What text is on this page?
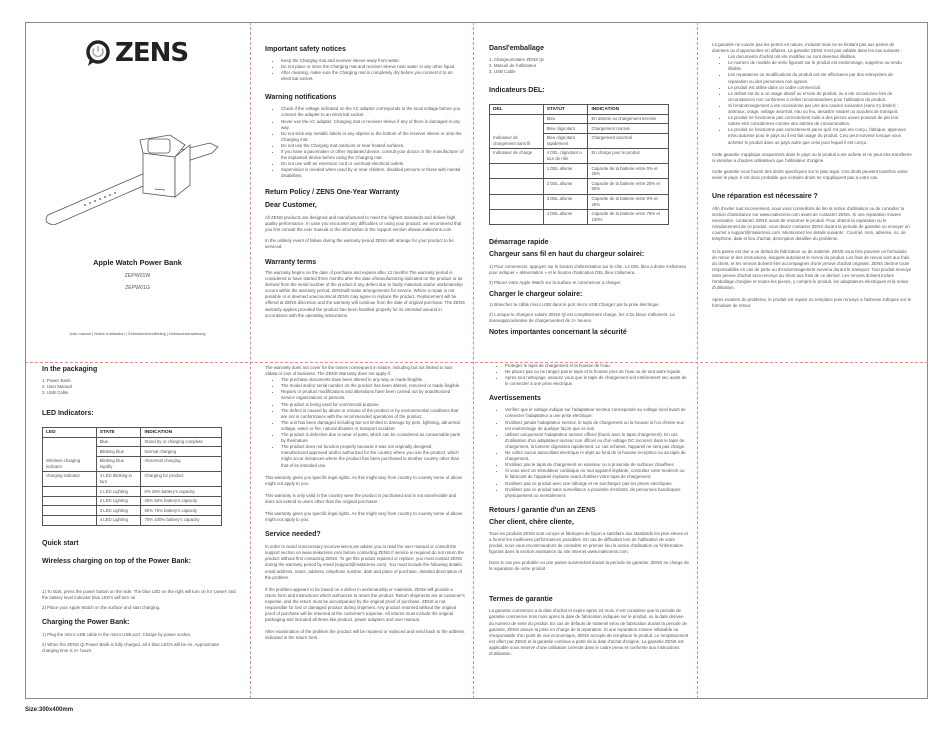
ZENS
Apple Watch Power Bank
ZEPW01W
ZEPW01G
User manual | Notice d'utilisation | Gebruikershandleiding | Gebrauchsanweisung
Important safety notices
• Keep the Charging mat and receiver sleeve away from water.
• Do not place or store the Charging mat and receiver sleeve near water or any other liquid.
• After cleaning, make sure the Charging mat is completely dry before you connect it to an electrical socket.
Warning notifications
• Check if the voltage indicated on the AC adapter corresponds to the local voltage before you connect the adapter to an electrical socket.
• Never use the AC adapter, Charging mat or receiver sleeve if any of them is damaged in any way.
• Do not stick any metallic labels or any objects to the bottom of the receiver sleeve or onto the Charging mat.
• Do not use the Charging mat outdoors or near heated surfaces.
• If you have a pacemaker or other implanted device, consult your doctor or the manufacturer of the implanted device before using the Charging mat.
• Do not use with an extension cord or overload electrical outlets.
• Supervision is needed when used by or near children, disabled persons or those with mental disabilities.
Return Policy / ZENS One-Year Warranty
Dear Customer,

All ZENS products are designed and manufactured to meet the highest standards and deliver high quality performance. In case you encounter any difficulties or using your product, we recommend that you first consult the user manual or the information in the support section ofwww.makezens.com

In the unlikely event of failure during the warranty period ZENS will arrange for your product to be serviced.

Warranty terms

The warranty begins on the date of purchase and expires after 12 months.The warranty period is considered to have started three months after the date ofmanufacturing indicated on the product or as derived from the serial number of the product.If any defect due to faulty materials and/or workmanship occurs within the warranty period, ZENSwill make arrangements for service. Where a repair is not possible or is deemed uneconomical ZENS may agree to replace the product. Replacement will be offered at ZENS discretion and the warranty will continue from the date of original purchase. The ZENS warranty applies provided the product has been handled properly for its intended useand in accordance with the operating instructions.

Dansl'emballage
1. Chargeursolaire ZENS Qi
2. Manuel de l'utilisateur
3. USB Cable
Indicateurs DEL:
DEL	STATUT	INDICATION
Indicateur de chargement sans fil	Bleu	En attente ou chargement termine
	Bleu clignotant	Chargement normal
	Bleu clignotant rapidement	Chargement anormal
Indicateur de charge	4 DEL clignotant a tour de rôle	En charge pour le produit
	1 DEL allume	Capacite de la batterie entre 0% et 25%
	2 DEL allume	Capacite de la batterie entre 25% et 50%
	3 DEL allume	Capacite de la batterie entre 0% et 25%
	4 DEL allume	Capacite de la batterie entre 75% et 100%
Démarrage rapide
Chargeur sans fil en haut du chargeur solairei:

1) Pour commencer, appuyez sur le bouton d'alimentation sur le côte. Le DEL bleu a droite s'allumera pour indiquer « alimentation » et le bouton d'indication DEL bleu s'allumera.

2) Placez votre Apple Watch sur la surface et commencer a charger.

Charger le chargeur solaire:

1) Branchez le câble micro USB dans le port micro USB.Chargez par la prise électrique.

2) Lorsque le chargeur solaire ZENS Qi est complètement charge, les 4 DL bleus s'allument. La dureeapproximative de chargementest de 2+ heures.

Notes importantes concernant la sécurité

La garantie ne couvre pas les pertes en nature, incluant mais ne se limitant pas aux pertes de donnees ou d'opportunites en affaires. La garantie ZENS n'est pas valable dans les cas suivants :

• Les documents d'achat ont ete modifies ou sont devenus illisibles.
• Le numero de modele de serie figurant sur le produit est endommage, supprime ou rendu illisible.
• Les reparations ou modifications du produit ont ete effectuees par des entreprises de reparation ou des personnes non agrees.
• Le produit est utilise dans un cadre commercial.
• Le defaut est du a un usage abusif ou errone du produit, ou a ete occasionne lors de circonstances non conformes a celles recommandees pour l'utilisation du produit.
• Si l'endommagement a ete occasionne par une des causes suivantes (sans s'y limiter) : animaux, orage, voltage anormal, eau ou feu, desastre naturel ou accident de transport.
• Le produit ne fonctionne pas correctement suite a des pieces usees pouvant de par leur nature etre considerees comme des articles de consommation.
• Le produit ne fonctionne pas correctement parce qu'il n'a pas ete conçu, fabrique, approuve et/ou autorise pour le pays ou il est fait usage du produit. Ceci peut survenir lorsque vous achetez le produit dans un pays autre que celui pour lequel il est conçu.

Cette garantie s'applique uniquement dans le pays ou le produit a ete achete et ne peut etre transferee ni etendue a d'autres utilisateurs que l'utilisateur d'origine.

Cette garantie vous fournit des droits specifiques sur le plan legal. Ces droits peuvent toutefois varier selon le pays. Il est donc probable que certains droits ne s'appliquent pas a votre cas.

Une réparation est nécessaire ?

Afin d'eviter tout inconvenient, nous vous conseillons de lire la notice d'utilisation ou de consulter la section d'assistance sur www.makezens.com avant de contacter ZENS. Si une reparation s'avere necessaire, contactez ZENS avant de retourner le produit. Pour obtenir la reparation ou le remplacement de ce produit, vous devez contacter ZENS durant la periode de garantie ou envoyer un courriel a support@makezens.com. Mentionnez les details suivants : Courriel, nom, adresse, no. de telephone, date et lieu d'achat, description detaillee du probleme.

Si la panne est due a un defaut de fabrication ou de materiel, ZENS vous fera parvenir un formulaire de retour et des instructions, lesquels autorisent le renvoi du produit. Les frais de renvoi sont aux frais du client, et les renvois doivent être accompagnes d'une preuve d'achat originale. ZENS decline toute responsabilite en cas de perte ou d'endommagement survenu durant le transport. Tout produit renvoye sans preuve d'achat sera renvoye au client aux frais de ce dernier. Les renvois doivent inclure l'emballage d'origine et toutes les pieces, y compris le produit, les adaptateurs electriques et la notice d'utilisation.

Apres examen du probleme, le produit est repare ou remplace puis renvoye a l'adresse indiquee sur le formulaire de retour.

In the packaging
1. Power Bank
2. User Manual
3. USB Cable
LED Indicators:
LED	STATE	INDICATION
Wireless charging indicator	Blue	Stand by or charging complete
	Blinking blue	Normal charging
	Blinking blue rapidly	Abnormal charging
charging indicator	4 LED blinking in turn	Charging for product
	1 LED Lighting	0% 25% battery's capacity
	2 LED Lighting	25% 50% battery's capacity
	3 LED Lighting	50% 75% battery's capacity
	4 LED Lighting	75% 100% battery's capacity
Quick start
Wireless charging on top of the Power Bank:

1) To start, press the power button on the side. The blue LED on the right will turn on for 'power' and the battery level indicator blue LED's will turn on

2) Place your Apple Watch on the surface and start charging.

Charging the Power Bank:

1) Plug the micro USB cable in the micro USB port. Charge by power socket.

2) When the ZENS Qi Power Bank is fully charged, all 4 blue LED's will be on. Approximate charging time is 2+ hours.

The warranty does not cover for the losses consequent in nature, including but not limited to loss ofdata or loss of business. The ZENS Warranty does not apply if:

• The purchase documents have been altered in any way or made illegible.
• The model and/or serial number on the product has been altered, removed or made illegible.
• Repairs or product modifications and alterations have been carried out by unauthorized service organizations or persons.
• The product is being used for commercial purpose.
• The defect is caused by abuse or misuse of the product or by environmental conditions that are not in conformance with the recommended operations of the product.
• The unit has been damaged including but not limited to damage by pets, lightning, abnormal voltage, water or fire, natural disaster or transport accident.
• The product is defective due to wear of parts, which can be considered as consumable parts by theirnature
• The product does not function properly because it was not originally designed, manufactured,approved and/or authorized for the country where you use the product, which might occur iinstances where the product has been purchased in another country other than that of its intended use.

This warranty gives you specific legal rights. As this might vary from country to country some of above might not apply to you.

This warranty is only valid in the country were the product is purchased and is not transferable and does not extend to users other than the original purchaser.

This warranty gives you specific legal rights. As this might vary from country to country some of above might not apply to you.

Service needed?

In order to avoid unnecessary inconvenience,we advise you to read the user manual or consult the support section on www.makezens.com before contacting ZENS.If service is required do not return the product without first contacting ZENS. To get this product repaired or replace, you must contact ZENS during the warranty period by email (support@makezens.com). You must include the following details: email address, name, address, telephone number, date and place of purchase, detailed description of the problem.

If the problem appears to be based on a defect in workmanship or materials, ZENS will provide a return form and instructions which authorizes to return the product. Return shipments are at customer's expense, and the return must be accompanied by the original proof of purchase. ZENS is not responsible for lost or damaged product during shipment. Any product returned without the original proof of purchase will be returned at the customer's expense. All returns must include the original packaging and included all items like product, power adapters and user manual.

After examination of the problem the product will be repaired or replaced and send back to the address indicated in the return form.

• Protegez le tapis de chargement et la housse de l'eau.
• Ne placez pas ou ne rangez pas le tapis et la housse pres de l'eau ou de tout autre liquide.
• Apres tout nettoyage, assurez vous que le tapis de chargement soit entièrement sec avant de le connecter a une prise electrique.
Avertissements
• Verifiez que le voltage indique sur l'adaptateur secteur corresponde au voltage local avant de connecter l'adaptateur a une prise electrique.
• N'utilisez jamais l'adaptateur secteur, le tapis de chargement ou la housse si l'un d'entre eux est endommage de quelque façon que ce soit.
• Utilisez uniquement l'adaptateur secteur officiel (fourni avec le tapis chargement). En cas d'utilisation d'un adaptateur secteur non officiel ou d'un voltage DC incorrect dans le tapis de chargement, la lumiere clignotera rapidement. Le cas echeant, l'appareil ne sera pas charge.
• Ne collez aucun autocollant electrique ni objet au fond de la housse receptrice ou au tapis de chargement.
• N'utilisez pas le tapis de chargement en exterieur ou a proximite de surfaces chauffees.
• Si vous avez un stimulateur cardiaque ou tout appareil implante, consultez votre medecin ou le fabricant de l'appareil implante avant d'utiliser votre tapis de chargement.
• N'utilisez pas ce produit avec une rallonge et ne surchargez pas les prises electriques.
• N'utilisez pas ce produit sans surveillance a proximite d'enfants, de personnes handicapes physiquement ou mentalement.
Retours / garantie d'un an ZENS
Cher client, chère cliente,

Tous les produits ZENS sont conçus et fabriques de façon a satisfaire aux standards les plus eleves et a fournir les meilleures performances possibles. En cas de difficultes lors de l'utilisation de votre produit, nous vous recommandons de consulter en premier lieu la notice d'utilisation ou l'information figurant dans la section assistance du site Internet www.makezens.com.

Dans le cas peu probable ou une panne surviendrait durant la periode de garantie, ZENS se charge de la reparation de votre produit.

Termes de garantie

La garantie commence a la date d'achat et expire apres 24 mois. Il est considere que la periode de garantie commence trois mois apres la date de fabrication indiquee sur le produit, ou la date derivee du numero de serie du produit. En cas de defauts de materiel et/ou de fabrication durant la periode de garantie, ZENS assure la prise en charge de la reparation. Si une reparation s'avere infaisable ou irresponsable d'un point de vue economique, ZENS accepte de remplacer le produit. Le remplacement est offert par ZENS et la garantie continue a partir de la date d'achat d'origine. La garantie ZENS est applicable sous reserve d'une utilisation correcte dans le cadre prevu et conforme aux instructions d'utilisation.

Size:300x400mm
